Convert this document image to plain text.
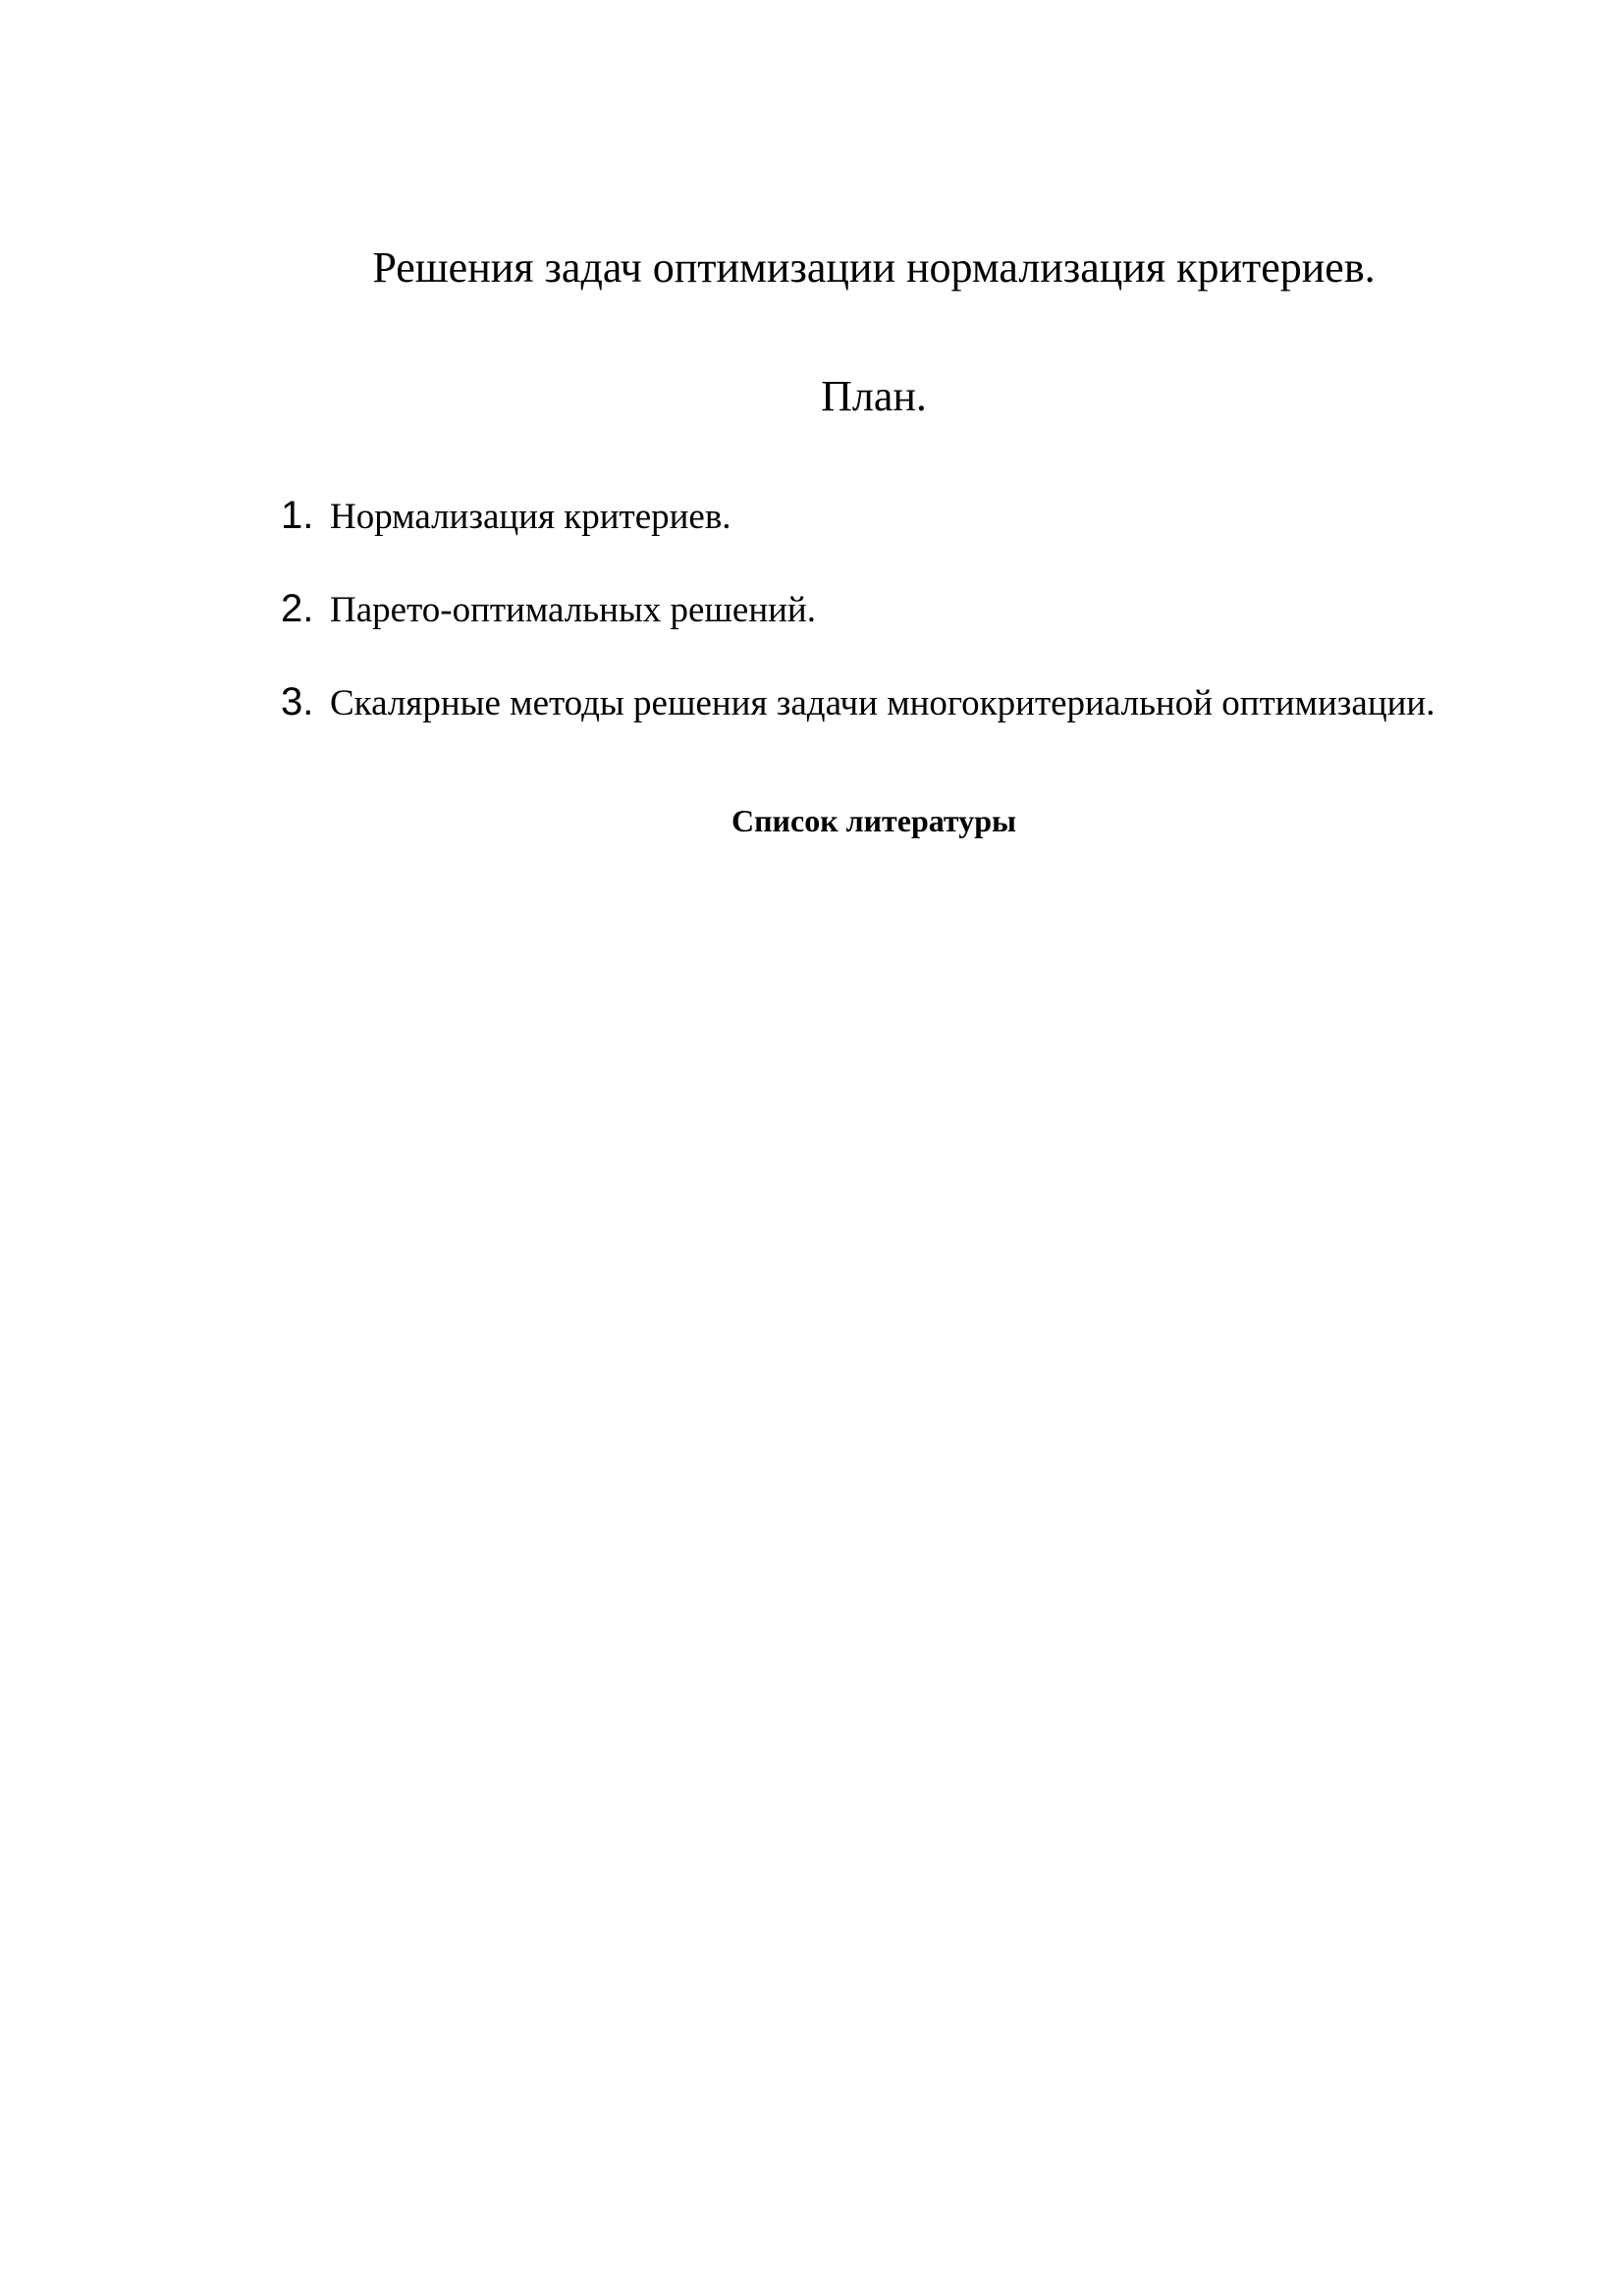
Решения задач оптимизации нормализация критериев.
План.
1. Нормализация критериев.
2. Парето-оптимальных решений.
3. Скалярные методы решения задачи многокритериальной оптимизации.
Список литературы
